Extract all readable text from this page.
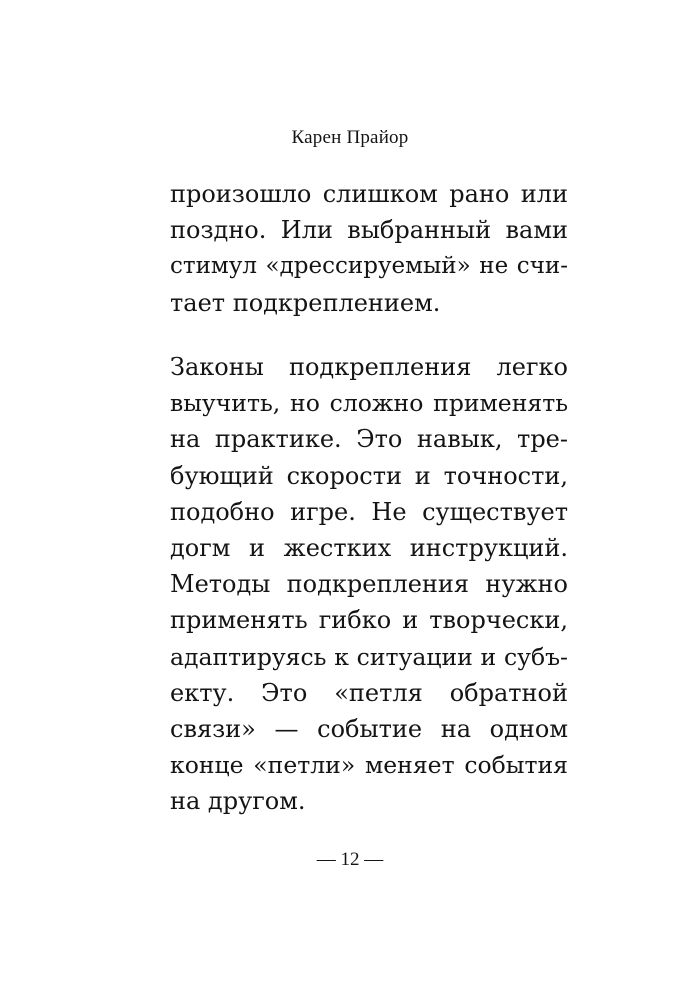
Карен Прайор
произошло слишком рано или
поздно. Или выбранный вами
стимул «дрессируемый» не счи-
тает подкреплением.
Законы подкрепления легко
выучить, но сложно применять
на практике. Это навык, тре-
бующий скорости и точности,
подобно игре. Не существует
догм и жестких инструкций.
Методы подкрепления нужно
применять гибко и творчески,
адаптируясь к ситуации и субъ-
екту. Это «петля обратной
связи» — событие на одном
конце «петли» меняет события
на другом.
— 12 —
